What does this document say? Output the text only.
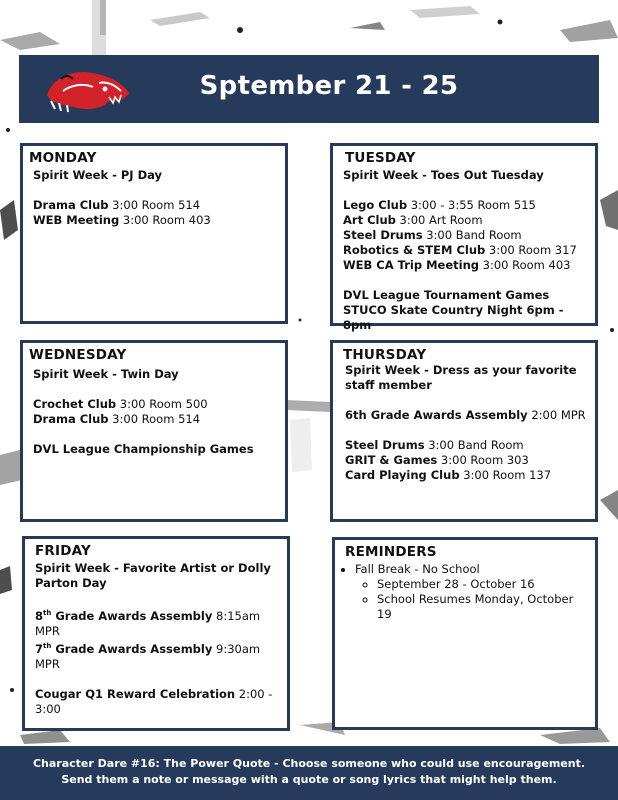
Sptember 21 - 25
MONDAY

Spirit Week - PJ Day

Drama Club 3:00 Room 514

WEB Meeting 3:00 Room 403

TUESDAY

Spirit Week - Toes Out Tuesday

Lego Club 3:00 - 3:55 Room 515

Art Club 3:00 Art Room

Steel Drums 3:00 Band Room

Robotics & STEM Club 3:00 Room 317

WEB CA Trip Meeting 3:00 Room 403

DVL League Tournament Games

STUCO Skate Country Night 6pm - 8pm

WEDNESDAY

Spirit Week - Twin Day

Crochet Club 3:00 Room 500

Drama Club 3:00 Room 514

DVL League Championship Games

THURSDAY

Spirit Week - Dress as your favorite staff member

6th Grade Awards Assembly 2:00 MPR

Steel Drums 3:00 Band Room

GRIT & Games 3:00 Room 303

Card Playing Club 3:00 Room 137

FRIDAY

Spirit Week - Favorite Artist or Dolly Parton Day

8th Grade Awards Assembly 8:15am MPR

7th Grade Awards Assembly 9:30am MPR

Cougar Q1 Reward Celebration 2:00 - 3:00

REMINDERS
• Fall Break - No School
◦ September 28 - October 16
◦ School Resumes Monday, October 19
Character Dare #16: The Power Quote - Choose someone who could use encouragement.
Send them a note or message with a quote or song lyrics that might help them.
